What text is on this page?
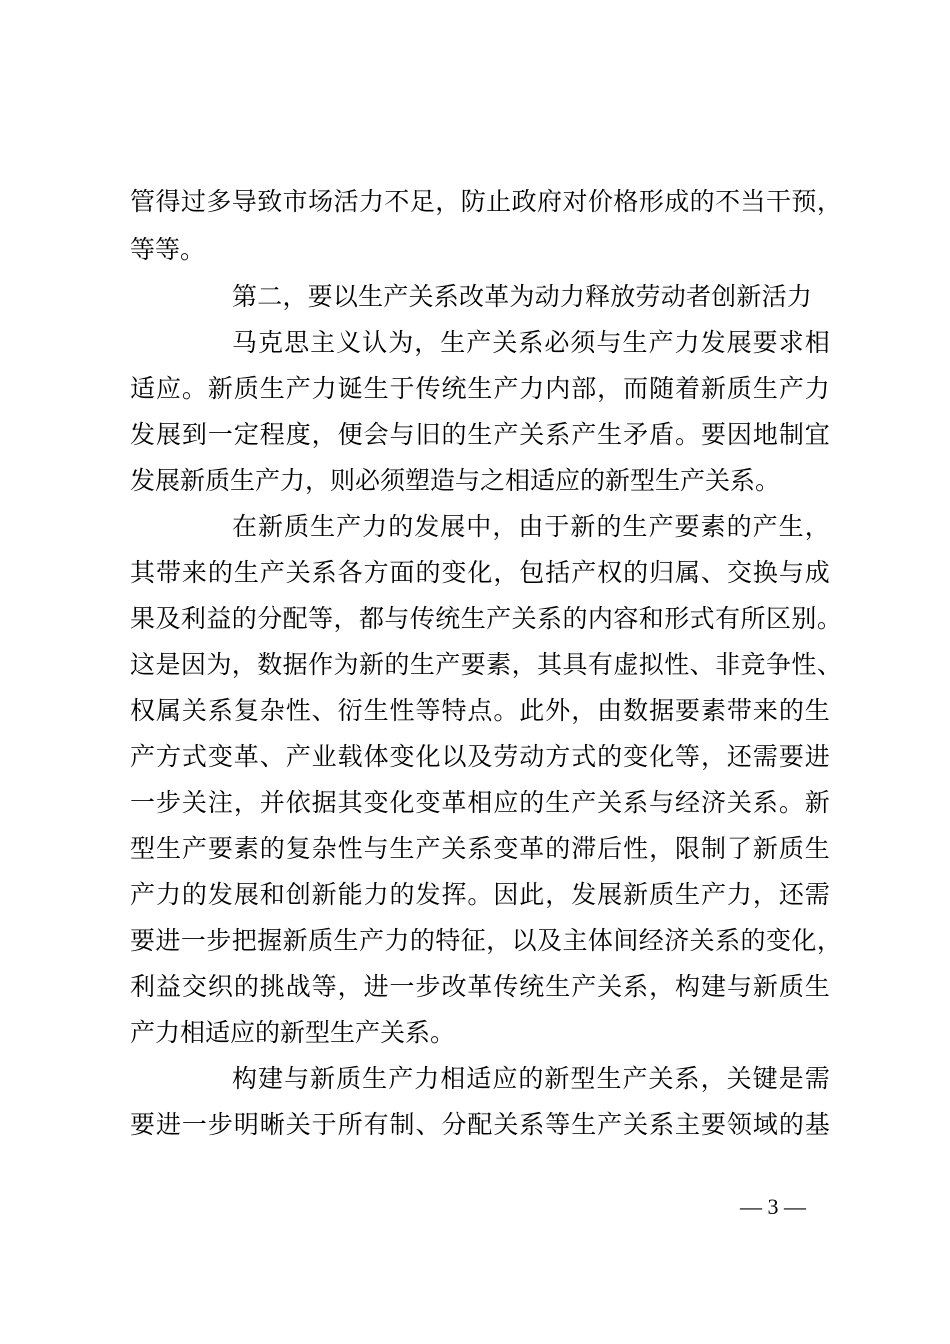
管 得 过 多 导 致 市 场 活 力 不 足 ， 防 止 政 府 对 价 格 形 成 的 不 当 干 预 ，

等等。

第 二 ， 要 以 生 产 关 系 改 革 为 动 力 释 放 劳 动 者 创 新 活 力

马 克 思 主 义 认 为 ， 生 产 关 系 必 须 与 生 产 力 发 展 要 求 相

适 应 。 新 质 生 产 力 诞 生 于 传 统 生 产 力 内 部 ， 而 随 着 新 质 生 产 力

发 展 到 一 定 程 度 ， 便 会 与 旧 的 生 产 关 系 产 生 矛 盾 。 要 因 地 制 宜

发展新质生产力，则必须塑造与之相适应的新型生产关系。

在 新 质 生 产 力 的 发 展 中 ， 由 于 新 的 生 产 要 素 的 产 生 ，

其 带 来 的 生 产 关 系 各 方 面 的 变 化 ， 包 括 产 权 的 归 属 、 交 换 与 成

果 及 利 益 的 分 配 等 ， 都 与 传 统 生 产 关 系 的 内 容 和 形 式 有 所 区 别 。

这 是 因 为 ， 数 据 作 为 新 的 生 产 要 素 ， 其 具 有 虚 拟 性 、 非 竞 争 性 、

权 属 关 系 复 杂 性 、 衍 生 性 等 特 点 。 此 外 ， 由 数 据 要 素 带 来 的 生

产 方 式 变 革 、 产 业 载 体 变 化 以 及 劳 动 方 式 的 变 化 等 ， 还 需 要 进

一 步 关 注 ， 并 依 据 其 变 化 变 革 相 应 的 生 产 关 系 与 经 济 关 系 。 新

型 生 产 要 素 的 复 杂 性 与 生 产 关 系 变 革 的 滞 后 性 ， 限 制 了 新 质 生

产 力 的 发 展 和 创 新 能 力 的 发 挥 。 因 此 ， 发 展 新 质 生 产 力 ， 还 需

要 进 一 步 把 握 新 质 生 产 力 的 特 征 ， 以 及 主 体 间 经 济 关 系 的 变 化 ，

利 益 交 织 的 挑 战 等 ， 进 一 步 改 革 传 统 生 产 关 系 ， 构 建 与 新 质 生

产力相适应的新型生产关系。

构 建 与 新 质 生 产 力 相 适 应 的 新 型 生 产 关 系 ， 关 键 是 需

要 进 一 步 明 晰 关 于 所 有 制 、 分 配 关 系 等 生 产 关 系 主 要 领 域 的 基

— 3 —
